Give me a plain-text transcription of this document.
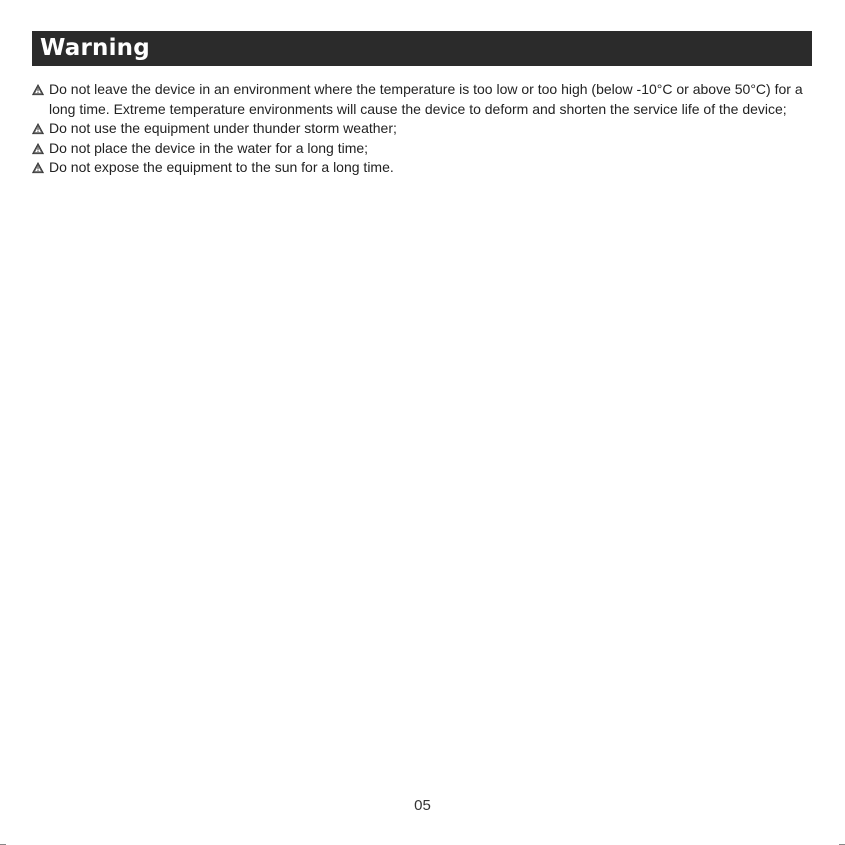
Warning
Do not leave the device in an environment where the temperature is too low or too high (below -10°C or above 50°C) for a long time. Extreme temperature environments will cause the device to deform and shorten the service life of the device;
Do not use the equipment under thunder storm weather;
Do not place the device in the water for a long time;
Do not expose the equipment to the sun for a long time.
05
